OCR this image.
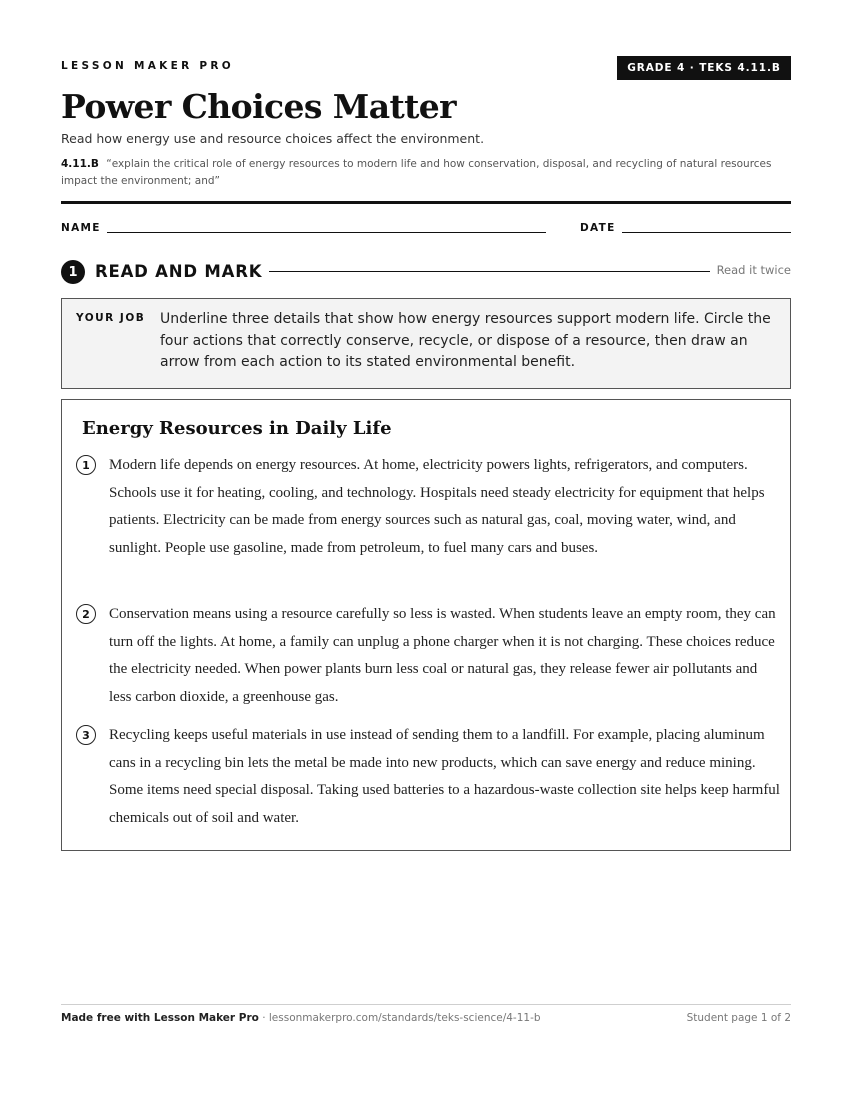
LESSON MAKER PRO	GRADE 4 · TEKS 4.11.B
Power Choices Matter
Read how energy use and resource choices affect the environment.
4.11.B “explain the critical role of energy resources to modern life and how conservation, disposal, and recycling of natural resources impact the environment; and”
NAME	DATE
1	READ AND MARK	Read it twice
YOUR JOB Underline three details that show how energy resources support modern life. Circle the four actions that correctly conserve, recycle, or dispose of a resource, then draw an arrow from each action to its stated environmental benefit.
Energy Resources in Daily Life
1	Modern life depends on energy resources. At home, electricity powers lights, refrigerators, and computers. Schools use it for heating, cooling, and technology. Hospitals need steady electricity for equipment that helps patients. Electricity can be made from energy sources such as natural gas, coal, moving water, wind, and sunlight. People use gasoline, made from petroleum, to fuel many cars and buses.
2	Conservation means using a resource carefully so less is wasted. When students leave an empty room, they can turn off the lights. At home, a family can unplug a phone charger when it is not charging. These choices reduce the electricity needed. When power plants burn less coal or natural gas, they release fewer air pollutants and less carbon dioxide, a greenhouse gas.
3	Recycling keeps useful materials in use instead of sending them to a landfill. For example, placing aluminum cans in a recycling bin lets the metal be made into new products, which can save energy and reduce mining. Some items need special disposal. Taking used batteries to a hazardous-waste collection site helps keep harmful chemicals out of soil and water.
Made free with Lesson Maker Pro · lessonmakerpro.com/standards/teks-science/4-11-b	Student page 1 of 2
